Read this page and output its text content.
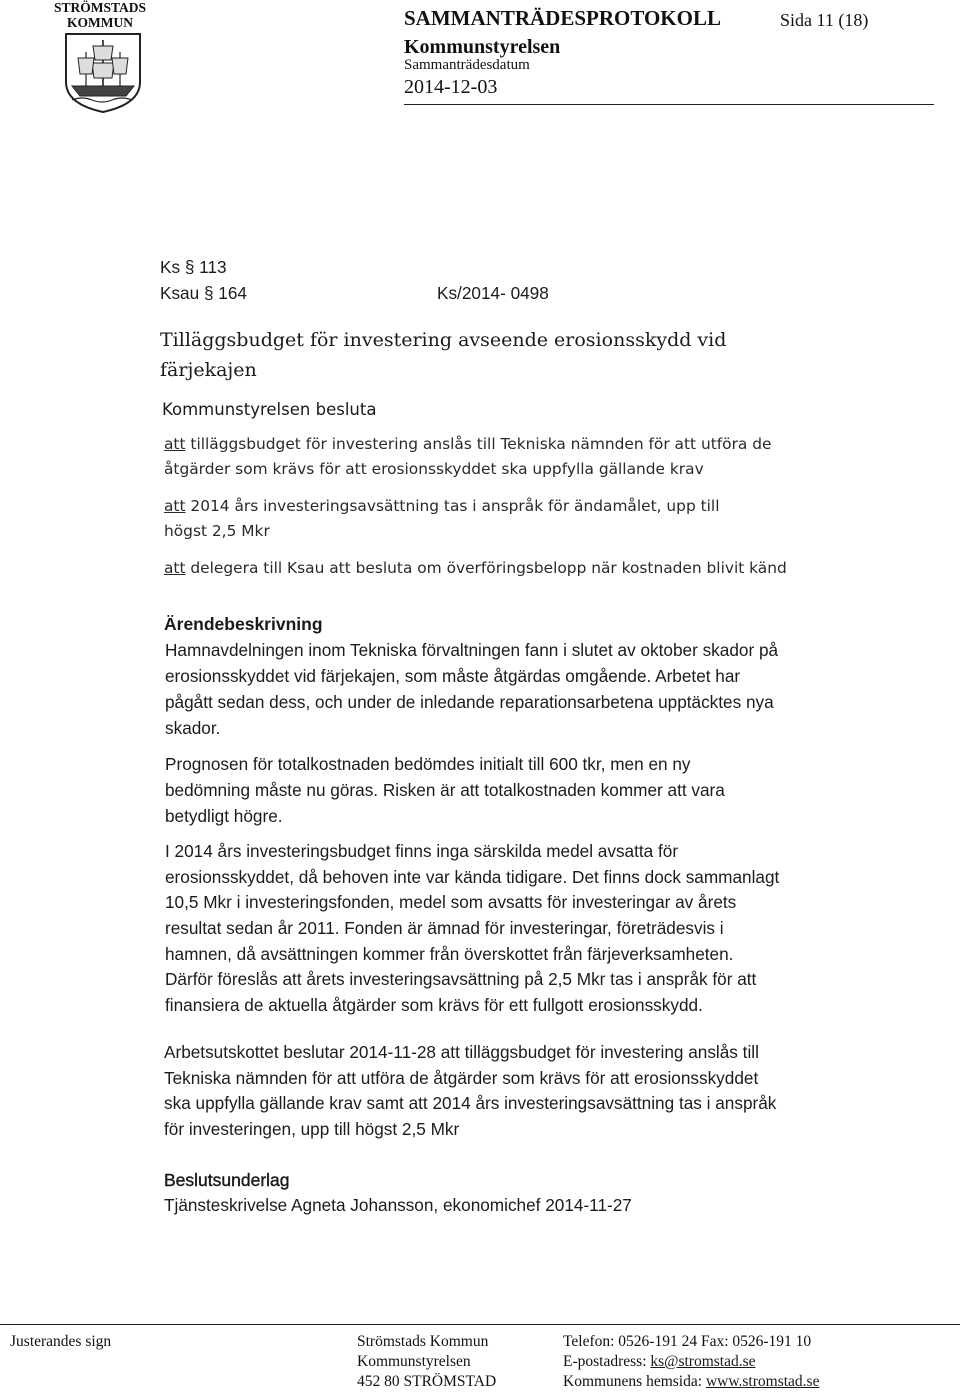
STRÖMSTADS
KOMMUN	SAMMANTRÄDESPROTOKOLL
Kommunstyrelsen
Sammanträdesdatum
2014-12-03
Sida 11 (18)
Ks § 113
Ksau § 164	Ks/2014- 0498
Tilläggsbudget för investering avseende erosionsskydd vid
färjekajen
Kommunstyrelsen besluta
att tilläggsbudget för investering anslås till Tekniska nämnden för att utföra de
åtgärder som krävs för att erosionsskyddet ska uppfylla gällande krav
att 2014 års investeringsavsättning tas i anspråk för ändamålet, upp till
högst 2,5 Mkr
att delegera till Ksau att besluta om överföringsbelopp när kostnaden blivit känd
Ärendebeskrivning
Hamnavdelningen inom Tekniska förvaltningen fann i slutet av oktober skador på
erosionsskyddet vid färjekajen, som måste åtgärdas omgående. Arbetet har
pågått sedan dess, och under de inledande reparationsarbetena upptäcktes nya
skador.
Prognosen för totalkostnaden bedömdes initialt till 600 tkr, men en ny
bedömning måste nu göras. Risken är att totalkostnaden kommer att vara
betydligt högre.
I 2014 års investeringsbudget finns inga särskilda medel avsatta för
erosionsskyddet, då behoven inte var kända tidigare. Det finns dock sammanlagt
10,5 Mkr i investeringsfonden, medel som avsatts för investeringar av årets
resultat sedan år 2011. Fonden är ämnad för investeringar, företrädesvis i
hamnen, då avsättningen kommer från överskottet från färjeverksamheten.
Därför föreslås att årets investeringsavsättning på 2,5 Mkr tas i anspråk för att
finansiera de aktuella åtgärder som krävs för ett fullgott erosionsskydd.
Arbetsutskottet beslutar 2014-11-28 att tilläggsbudget för investering anslås till
Tekniska nämnden för att utföra de åtgärder som krävs för att erosionsskyddet
ska uppfylla gällande krav samt att 2014 års investeringsavsättning tas i anspråk
för investeringen, upp till högst 2,5 Mkr
Beslutsunderlag
Tjänsteskrivelse Agneta Johansson, ekonomichef 2014-11-27
Justerandes sign	Strömstads Kommun
Kommunstyrelsen
452 80 STRÖMSTAD
Telefon: 0526-191 24 Fax: 0526-191 10
E-postadress: ks@stromstad.se
Kommunens hemsida: www.stromstad.se
